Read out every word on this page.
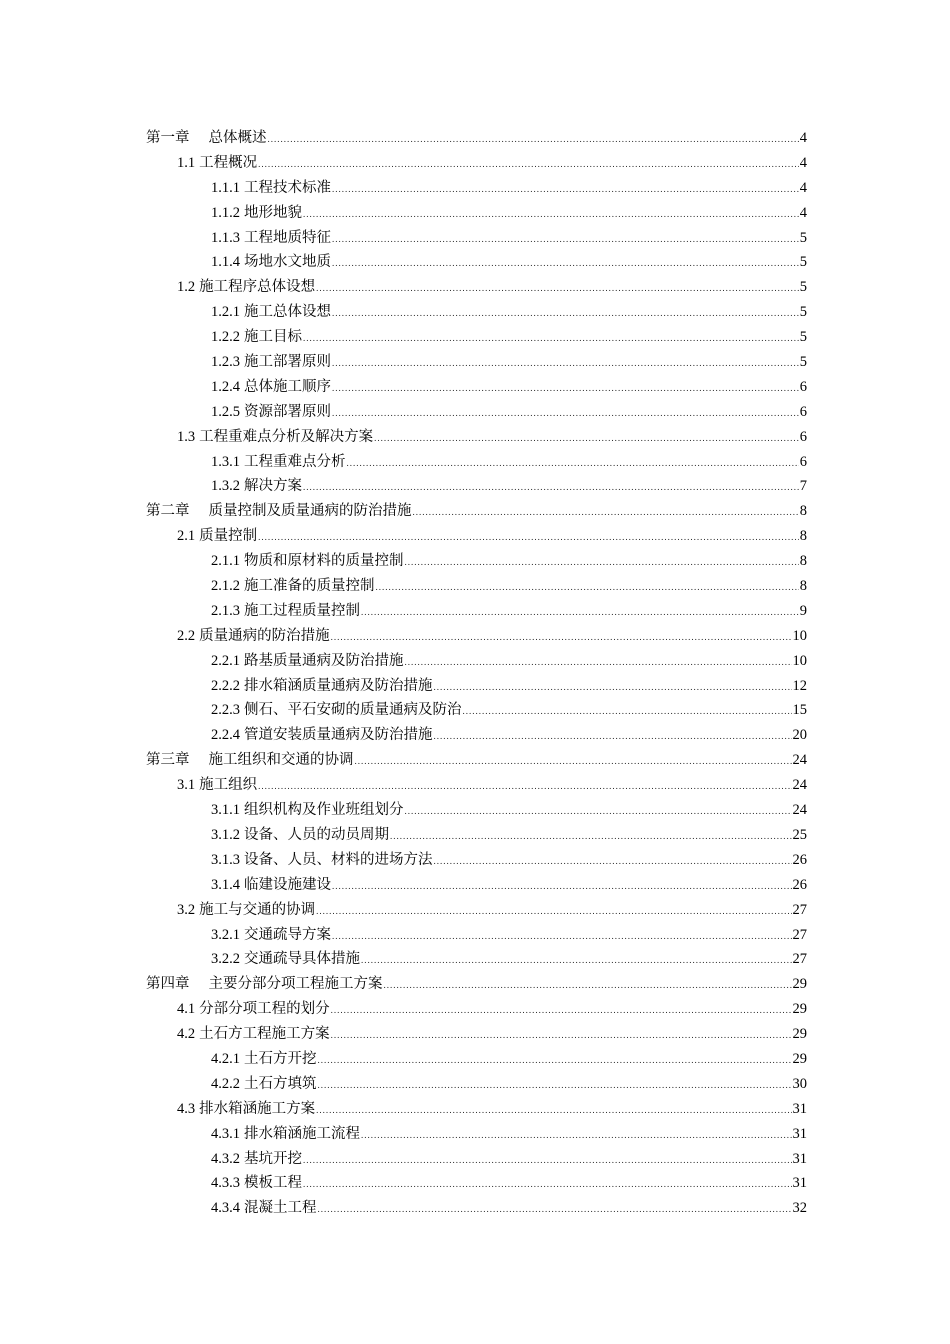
第一章 总体概述 .....	4
1.1 工程概况 .....	4
1.1.1 工程技术标准 .....	4
1.1.2 地形地貌 .....	4
1.1.3 工程地质特征 .....	5
1.1.4 场地水文地质 .....	5
1.2 施工程序总体设想 .....	5
1.2.1 施工总体设想 .....	5
1.2.2 施工目标 .....	5
1.2.3 施工部署原则 .....	5
1.2.4 总体施工顺序 .....	6
1.2.5 资源部署原则 .....	6
1.3 工程重难点分析及解决方案 .....	6
1.3.1 工程重难点分析 .....	6
1.3.2 解决方案 .....	7
第二章 质量控制及质量通病的防治措施 .....	8
2.1 质量控制 .....	8
2.1.1 物质和原材料的质量控制 .....	8
2.1.2 施工准备的质量控制 .....	8
2.1.3 施工过程质量控制 .....	9
2.2 质量通病的防治措施 .....	10
2.2.1 路基质量通病及防治措施 .....	10
2.2.2 排水箱涵质量通病及防治措施 .....	12
2.2.3 侧石、平石安砌的质量通病及防治 .....	15
2.2.4 管道安装质量通病及防治措施 .....	20
第三章 施工组织和交通的协调 .....	24
3.1 施工组织 .....	24
3.1.1 组织机构及作业班组划分 .....	24
3.1.2 设备、人员的动员周期 .....	25
3.1.3 设备、人员、材料的进场方法 .....	26
3.1.4 临建设施建设 .....	26
3.2 施工与交通的协调 .....	27
3.2.1 交通疏导方案 .....	27
3.2.2 交通疏导具体措施 .....	27
第四章 主要分部分项工程施工方案 .....	29
4.1 分部分项工程的划分 .....	29
4.2 土石方工程施工方案 .....	29
4.2.1 土石方开挖 .....	29
4.2.2 土石方填筑 .....	30
4.3 排水箱涵施工方案 .....	31
4.3.1 排水箱涵施工流程 .....	31
4.3.2 基坑开挖 .....	31
4.3.3 模板工程 .....	31
4.3.4 混凝土工程 .....	32
